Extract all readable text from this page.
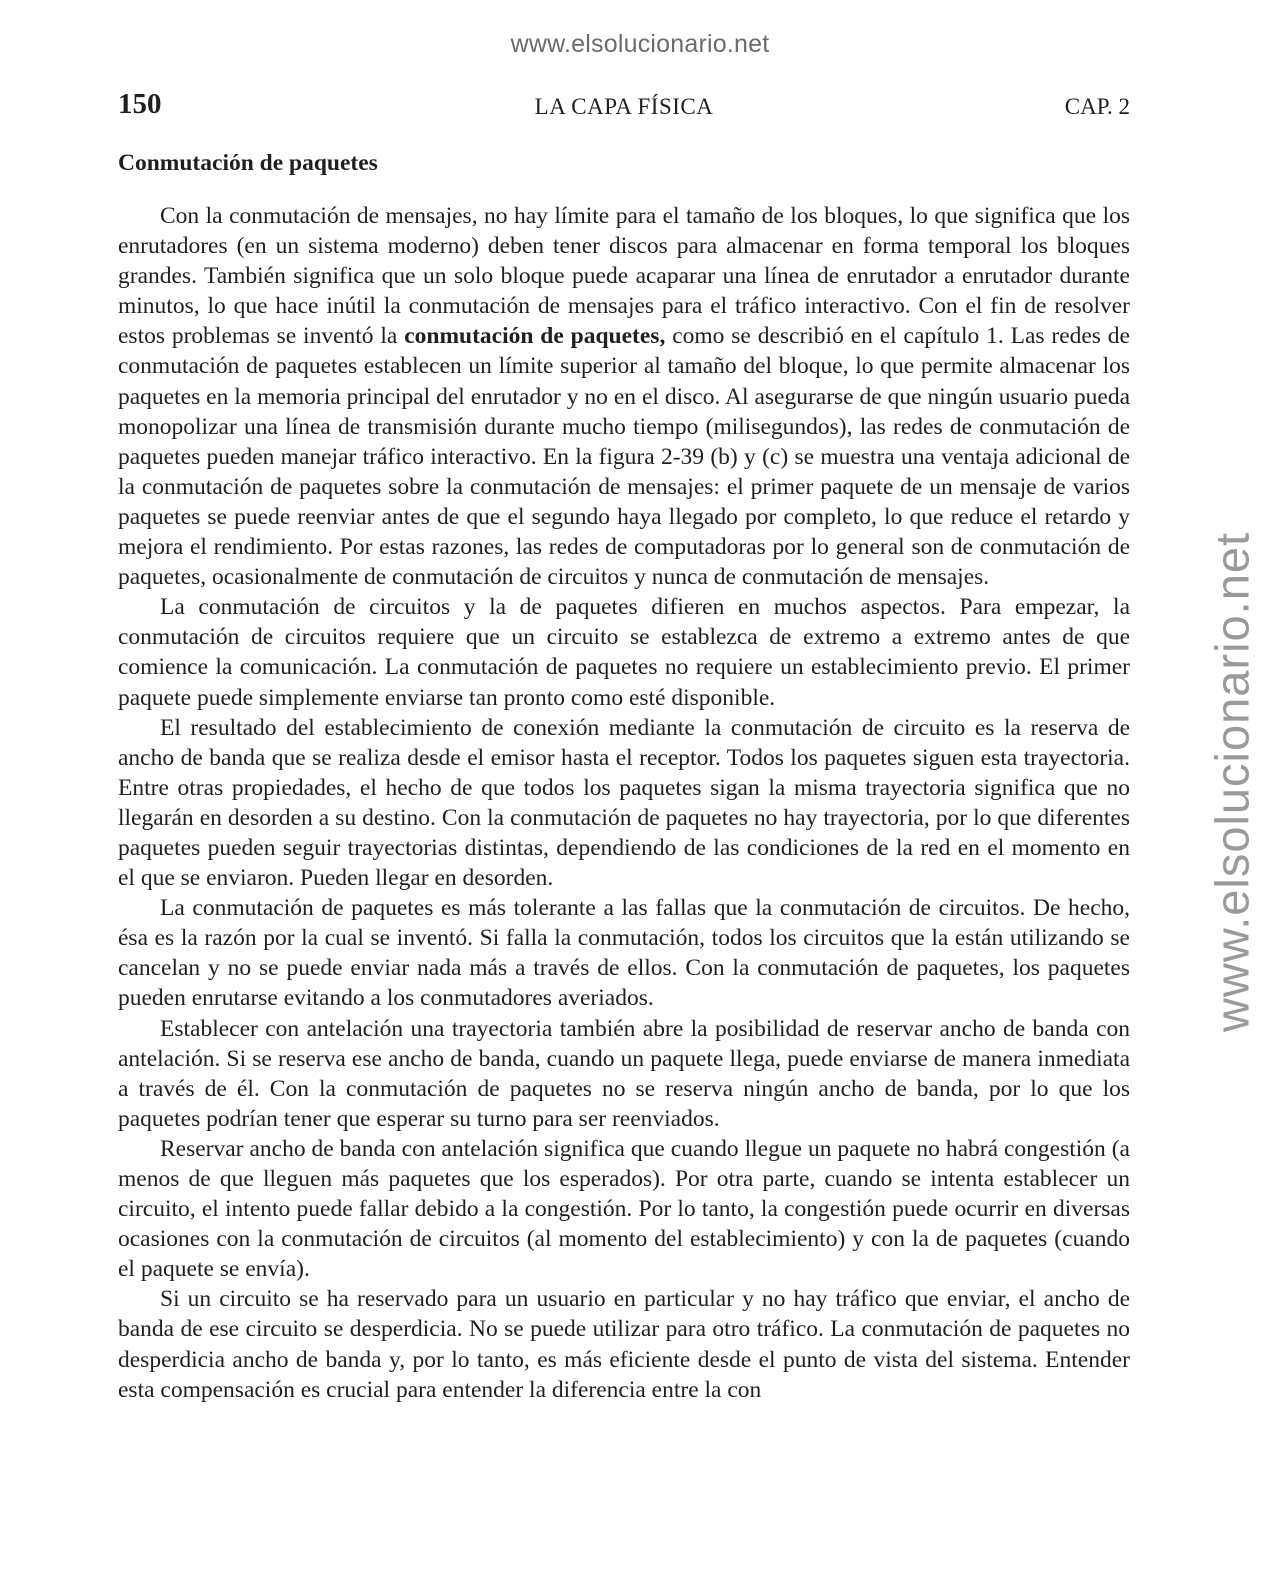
www.elsolucionario.net
www.elsolucionario.net
150	LA CAPA FÍSICA	CAP. 2
Conmutación de paquetes

Con la conmutación de mensajes, no hay límite para el tamaño de los bloques, lo que significa que los enrutadores (en un sistema moderno) deben tener discos para almacenar en forma temporal los bloques grandes. También significa que un solo bloque puede acaparar una línea de enrutador a enrutador durante minutos, lo que hace inútil la conmutación de mensajes para el tráfico interactivo. Con el fin de resolver estos problemas se inventó la conmutación de paquetes, como se describió en el capítulo 1. Las redes de conmutación de paquetes establecen un límite superior al tamaño del bloque, lo que permite almacenar los paquetes en la memoria principal del enrutador y no en el disco. Al asegurarse de que ningún usuario pueda monopolizar una línea de transmisión durante mucho tiempo (milisegundos), las redes de conmutación de paquetes pueden manejar tráfico interactivo. En la figura 2-39 (b) y (c) se muestra una ventaja adicional de la conmutación de paquetes sobre la conmutación de mensajes: el primer paquete de un mensaje de varios paquetes se puede reenviar antes de que el segundo haya llegado por completo, lo que reduce el retardo y mejora el rendimiento. Por estas razones, las redes de computadoras por lo general son de conmutación de paquetes, ocasionalmente de conmutación de circuitos y nunca de conmutación de mensajes.

La conmutación de circuitos y la de paquetes difieren en muchos aspectos. Para empezar, la conmutación de circuitos requiere que un circuito se establezca de extremo a extremo antes de que comience la comunicación. La conmutación de paquetes no requiere un establecimiento previo. El primer paquete puede simplemente enviarse tan pronto como esté disponible.

El resultado del establecimiento de conexión mediante la conmutación de circuito es la reserva de ancho de banda que se realiza desde el emisor hasta el receptor. Todos los paquetes siguen esta trayectoria. Entre otras propiedades, el hecho de que todos los paquetes sigan la misma trayectoria significa que no llegarán en desorden a su destino. Con la conmutación de paquetes no hay trayectoria, por lo que diferentes paquetes pueden seguir trayectorias distintas, dependiendo de las condiciones de la red en el momento en el que se enviaron. Pueden llegar en desorden.

La conmutación de paquetes es más tolerante a las fallas que la conmutación de circuitos. De hecho, ésa es la razón por la cual se inventó. Si falla la conmutación, todos los circuitos que la están utilizando se cancelan y no se puede enviar nada más a través de ellos. Con la conmutación de paquetes, los paquetes pueden enrutarse evitando a los conmutadores averiados.

Establecer con antelación una trayectoria también abre la posibilidad de reservar ancho de banda con antelación. Si se reserva ese ancho de banda, cuando un paquete llega, puede enviarse de manera inmediata a través de él. Con la conmutación de paquetes no se reserva ningún ancho de banda, por lo que los paquetes podrían tener que esperar su turno para ser reenviados.

Reservar ancho de banda con antelación significa que cuando llegue un paquete no habrá congestión (a menos de que lleguen más paquetes que los esperados). Por otra parte, cuando se intenta establecer un circuito, el intento puede fallar debido a la congestión. Por lo tanto, la congestión puede ocurrir en diversas ocasiones con la conmutación de circuitos (al momento del establecimiento) y con la de paquetes (cuando el paquete se envía).

Si un circuito se ha reservado para un usuario en particular y no hay tráfico que enviar, el ancho de banda de ese circuito se desperdicia. No se puede utilizar para otro tráfico. La conmutación de paquetes no desperdicia ancho de banda y, por lo tanto, es más eficiente desde el punto de vista del sistema. Entender esta compensación es crucial para entender la diferencia entre la con
